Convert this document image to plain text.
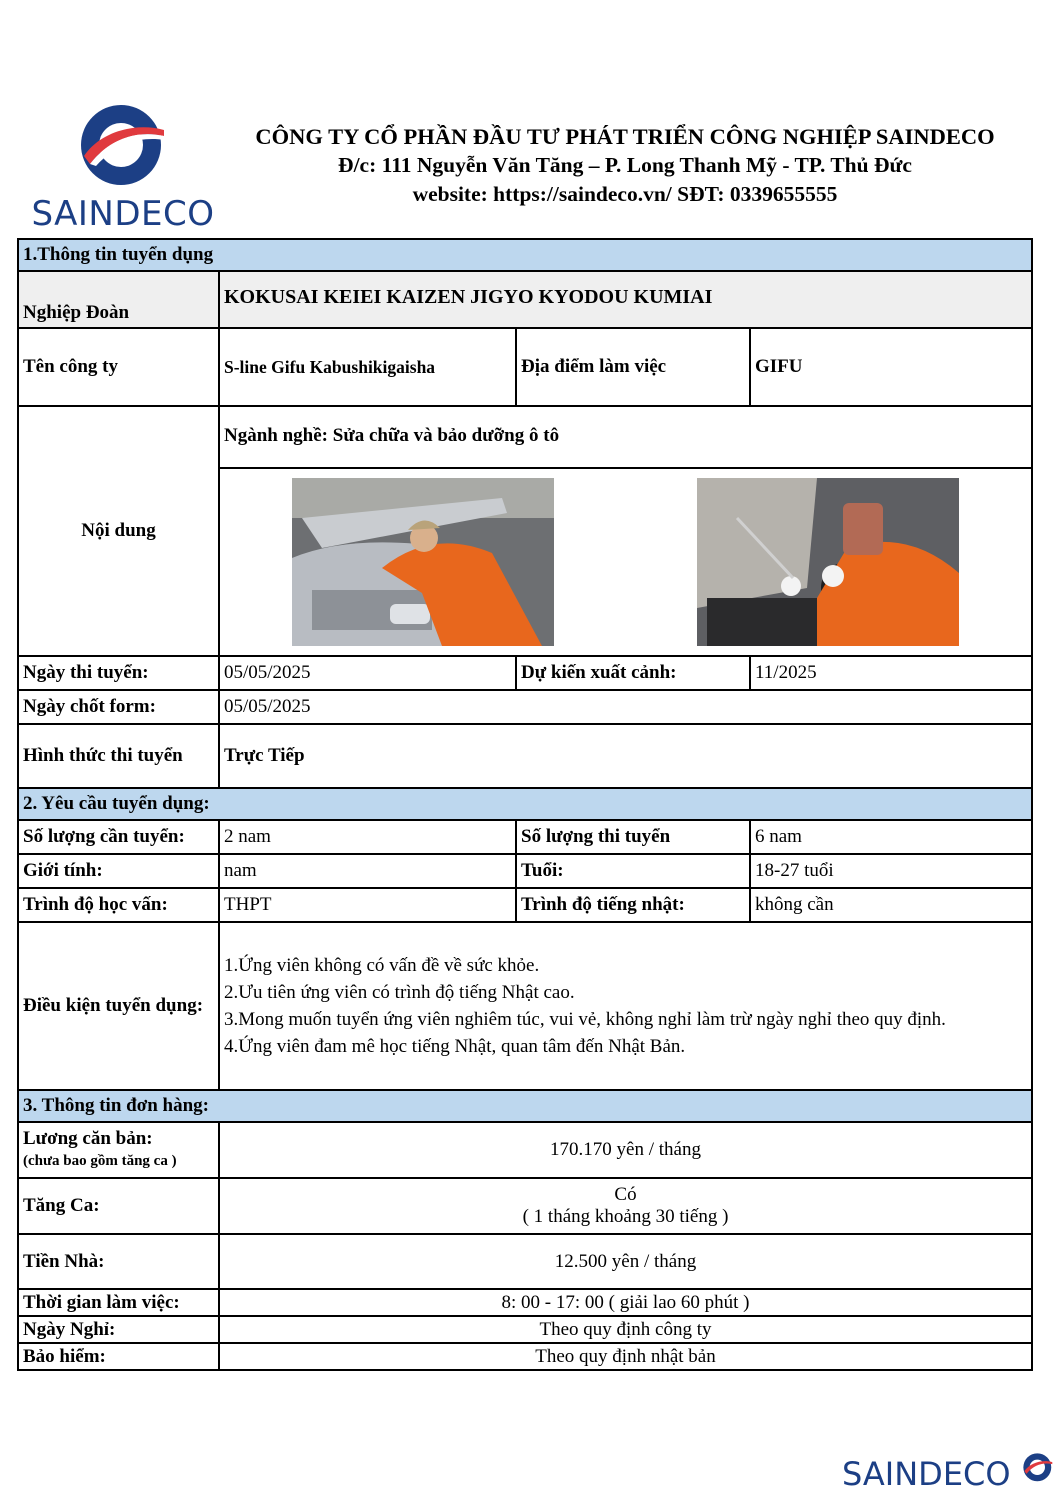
SAINDECO
CÔNG TY CỔ PHẦN ĐẦU TƯ PHÁT TRIỂN CÔNG NGHIỆP SAINDECO
Đ/c: 111 Nguyễn Văn Tăng – P. Long Thanh Mỹ - TP. Thủ Đức
website: https://saindeco.vn/ SĐT: 0339655555
1.Thông tin tuyển dụng			
Nghiệp Đoàn	KOKUSAI KEIEI KAIZEN JIGYO KYODOU KUMIAI		
Tên công ty	S-line Gifu Kabushikigaisha	Địa điểm làm việc	GIFU
Nội dung	Ngành nghề: Sửa chữa và bảo dưỡng ô tô		

Ngày thi tuyển:	05/05/2025	Dự kiến xuất cảnh:	11/2025
Ngày chốt form:	05/05/2025		
Hình thức thi tuyển	Trực Tiếp		
2. Yêu cầu tuyển dụng:			
Số lượng cần tuyển:	2 nam	Số lượng thi tuyển	6 nam
Giới tính:	nam	Tuổi:	18-27 tuổi
Trình độ học vấn:	THPT	Trình độ tiếng nhật:	không cần
Điều kiện tuyển dụng:	1.Ứng viên không có vấn đề về sức khỏe.
2.Ưu tiên ứng viên có trình độ tiếng Nhật cao.
3.Mong muốn tuyển ứng viên nghiêm túc, vui vẻ, không nghỉ làm trừ ngày nghỉ theo quy định.
4.Ứng viên đam mê học tiếng Nhật, quan tâm đến Nhật Bản.		

3. Thông tin đơn hàng:			

Lương căn bản:
(chưa bao gồm tăng ca )	170.170 yên / tháng		
Tăng Ca:	Có
( 1 tháng khoảng 30 tiếng )		

Tiền Nhà:	12.500 yên / tháng		
Thời gian làm việc:	8: 00 - 17: 00 ( giải lao 60 phút )		
Ngày Nghỉ:	Theo quy định công ty		
Bảo hiểm:	Theo quy định nhật bản		
SAINDECO
